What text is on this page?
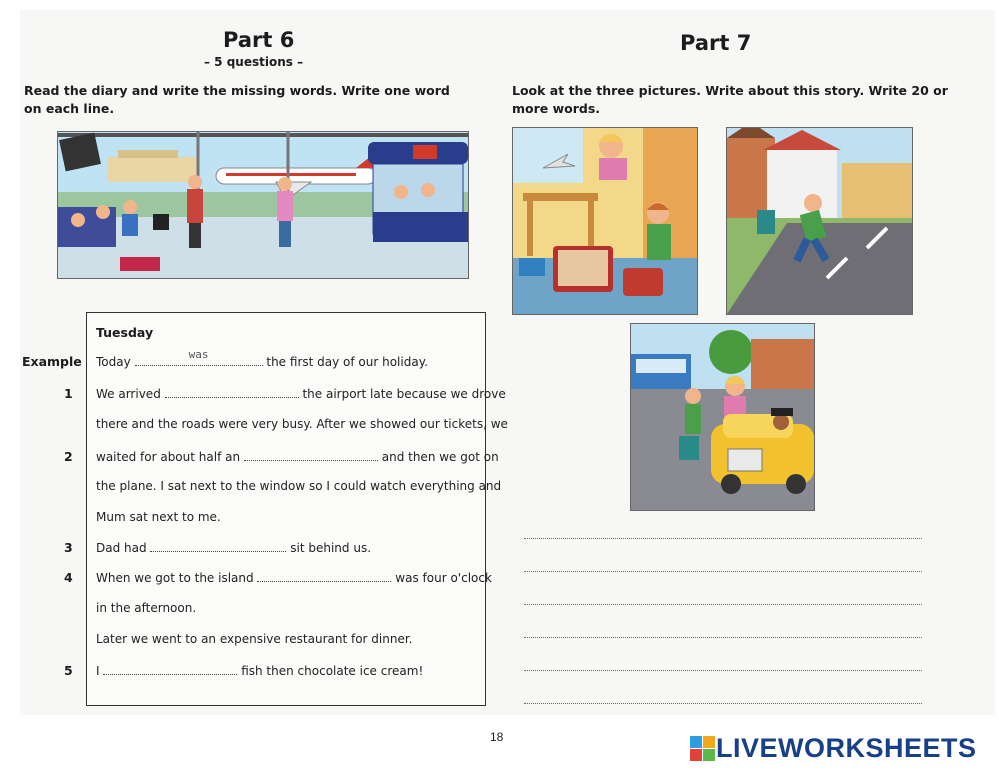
Part 6
– 5 questions –
Read the diary and write the missing words. Write one word
on each line.
Tuesday
Example Today
was
the first day of our holiday.
1 We arrived	the airport late because we drove
there and the roads were very busy. After we showed our tickets, we
2 waited for about half an	and then we got on
the plane. I sat next to the window so I could watch everything and
Mum sat next to me.
3 Dad had	sit behind us.
4 When we got to the island	was four o'clock
in the afternoon.
Later we went to an expensive restaurant for dinner.
5 I	fish then chocolate ice cream!
Part 7
Look at the three pictures. Write about this story. Write 20 or
more words.
18	LIVEWORKSHEETS
